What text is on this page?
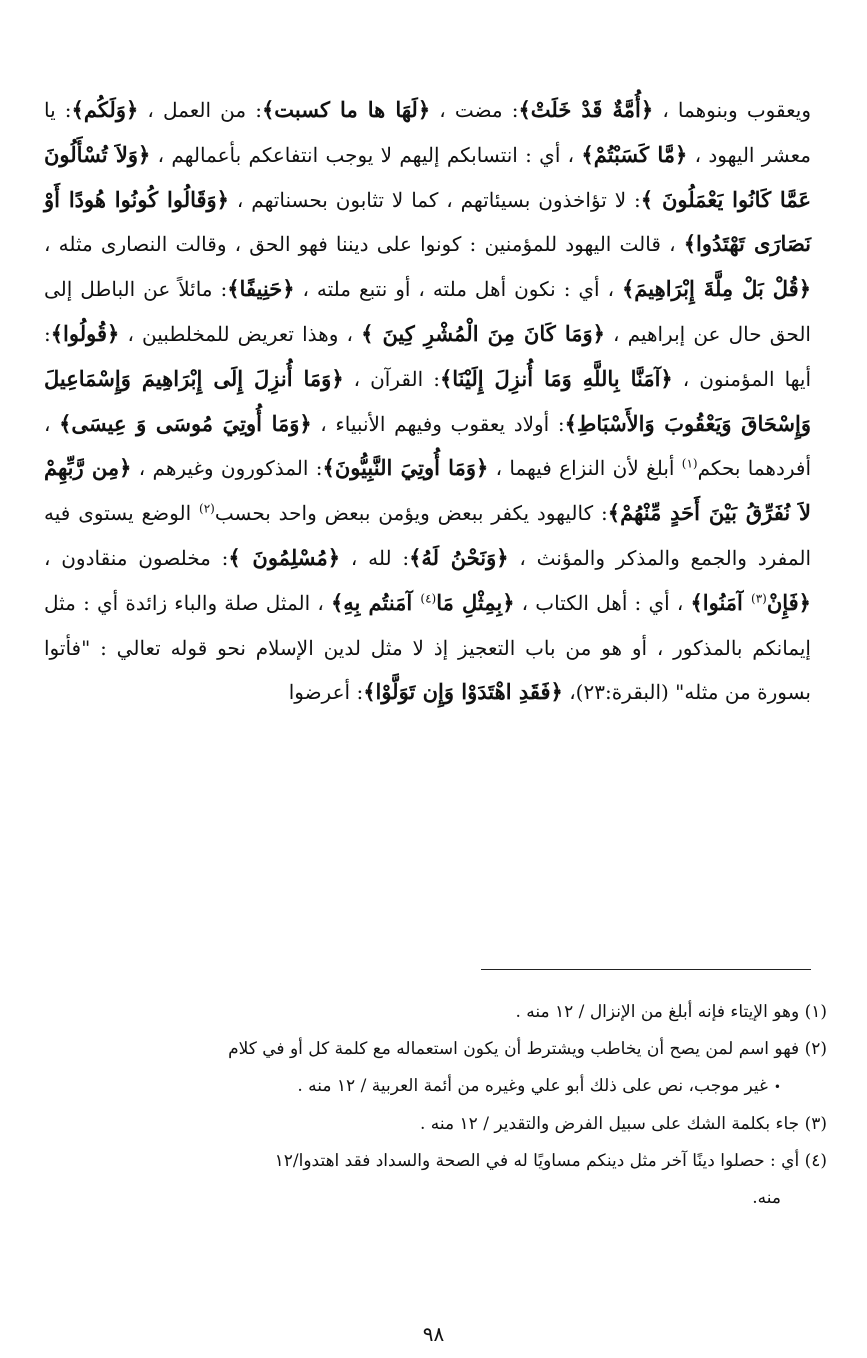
ويعقوب وبنوهما ، ﴿أُمَّةٌ قَدْ خَلَتْ﴾: مضت ، ﴿لَهَا ها ما كسبت﴾: من العمل ، ﴿وَلَكُم﴾: يا معشر اليهود ، ﴿مَّا كَسَبْتُمْ﴾ ، أي : انتسابكم إليهم لا يوجب انتفاعكم بأعمالهم ، ﴿وَلاَ تُسْأَلُونَ عَمَّا كَانُوا يَعْمَلُونَ ﴾: لا تؤاخذون بسيئاتهم ، كما لا تثابون بحسناتهم ، ﴿وَقَالُوا كُونُوا هُودًا أَوْ نَصَارَى تَهْتَدُوا﴾ ، قالت اليهود للمؤمنين : كونوا على ديننا فهو الحق ، وقالت النصارى مثله ، ﴿قُلْ بَلْ مِلَّةَ إِبْرَاهِيمَ﴾ ، أي : نكون أهل ملته ، أو نتبع ملته ، ﴿حَنِيفًا﴾: مائلاً عن الباطل إلى الحق حال عن إبراهيم ، ﴿وَمَا كَانَ مِنَ الْمُشْرِ كِينَ ﴾ ، وهذا تعريض للمخلطبين ، ﴿قُولُوا﴾: أيها المؤمنون ، ﴿آمَنَّا بِاللَّهِ وَمَا أُنزِلَ إِلَيْنَا﴾: القرآن ، ﴿وَمَا أُنزِلَ إِلَى إِبْرَاهِيمَ وَإِسْمَاعِيلَ وَإِسْحَاقَ وَيَعْقُوبَ وَالأَسْبَاطِ﴾: أولاد يعقوب وفيهم الأنبياء ، ﴿وَمَا أُوتِيَ مُوسَى وَ عِيسَى﴾ ، أفردهما بحكم$^{(١)}$ أبلغ لأن النزاع فيهما ، ﴿وَمَا أُوتِيَ النَّبِيُّونَ﴾: المذكورون وغيرهم ، ﴿مِن رَّبِّهِمْ لاَ نُفَرِّقُ بَيْنَ أَحَدٍ مِّنْهُمْ﴾: كاليهود يكفر ببعض ويؤمن ببعض واحد بحسب$^{(٢)}$ الوضع يستوى فيه المفرد والجمع والمذكر والمؤنث ، ﴿وَنَحْنُ لَهُ﴾: لله ، ﴿مُسْلِمُونَ ﴾: مخلصون منقادون ، ﴿فَإِنْ$^{(٣)}$ آمَنُوا﴾ ، أي : أهل الكتاب ، ﴿بِمِثْلِ مَا$^{(٤)}$ آمَنتُم بِهِ﴾ ، المثل صلة والباء زائدة أي : مثل إيمانكم بالمذكور ، أو هو من باب التعجيز إذ لا مثل لدين الإسلام نحو قوله تعالي : "فأتوا بسورة من مثله" (البقرة:٢٣)، ﴿فَقَدِ اهْتَدَوْا وَإِن تَوَلَّوْا﴾: أعرضوا

(١) وهو الإيتاء فإنه أبلغ من الإنزال / ١٢ منه .

(٢) فهو اسم لمن يصح أن يخاطب ويشترط أن يكون استعماله مع كلمة كل أو في كلام

•غير موجب، نص على ذلك أبو علي وغيره من أئمة العربية / ١٢ منه .

(٣) جاء بكلمة الشك على سبيل الفرض والتقدير / ١٢ منه .

(٤) أي : حصلوا دينًا آخر مثل دينكم مساويًا له في الصحة والسداد فقد اهتدوا/١٢

منه.

٩٨
